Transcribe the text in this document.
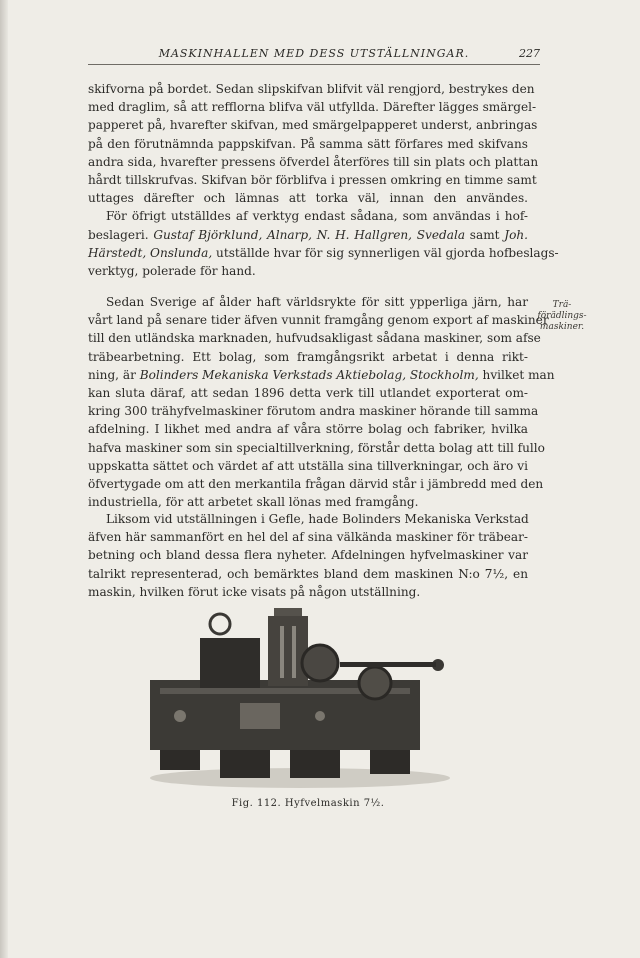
MASKINHALLEN MED DESS UTSTÄLLNINGAR.	227
skifvorna på bordet. Sedan slipskifvan blifvit väl rengjord, bestrykes den
med draglim, så att refflorna blifva väl utfyllda. Därefter lägges smärgel-
papperet på, hvarefter skifvan, med smärgelpapperet underst, anbringas
på den förutnämnda pappskifvan. På samma sätt förfares med skifvans
andra sida, hvarefter pressens öfverdel återföres till sin plats och plattan
hårdt tillskrufvas. Skifvan bör förblifva i pressen omkring en timme samt
uttages därefter och lämnas att torka väl, innan den användes.
För öfrigt utställdes af verktyg endast sådana, som användas i hof-
beslageri. Gustaf Björklund, Alnarp, N. H. Hallgren, Svedala samt Joh.
Härstedt, Onslunda, utställde hvar för sig synnerligen väl gjorda hofbeslags-
verktyg, polerade för hand.
Trä-
förädlings-
maskiner.
Sedan Sverige af ålder haft världsrykte för sitt ypperliga järn, har
vårt land på senare tider äfven vunnit framgång genom export af maskiner
till den utländska marknaden, hufvudsakligast sådana maskiner, som afse
träbearbetning. Ett bolag, som framgångsrikt arbetat i denna rikt-
ning, är Bolinders Mekaniska Verkstads Aktiebolag, Stockholm, hvilket man
kan sluta däraf, att sedan 1896 detta verk till utlandet exporterat om-
kring 300 trähyfvelmaskiner förutom andra maskiner hörande till samma
afdelning. I likhet med andra af våra större bolag och fabriker, hvilka
hafva maskiner som sin specialtillverkning, förstår detta bolag att till fullo
uppskatta sättet och värdet af att utställa sina tillverkningar, och äro vi
öfvertygade om att den merkantila frågan därvid står i jämbredd med den
industriella, för att arbetet skall lönas med framgång.
Liksom vid utställningen i Gefle, hade Bolinders Mekaniska Verkstad
äfven här sammanfört en hel del af sina välkända maskiner för träbear-
betning och bland dessa flera nyheter. Afdelningen hyfvelmaskiner var
talrikt representerad, och bemärktes bland dem maskinen N:o 7½, en
maskin, hvilken förut icke visats på någon utställning.
Fig. 112. Hyfvelmaskin 7½.
